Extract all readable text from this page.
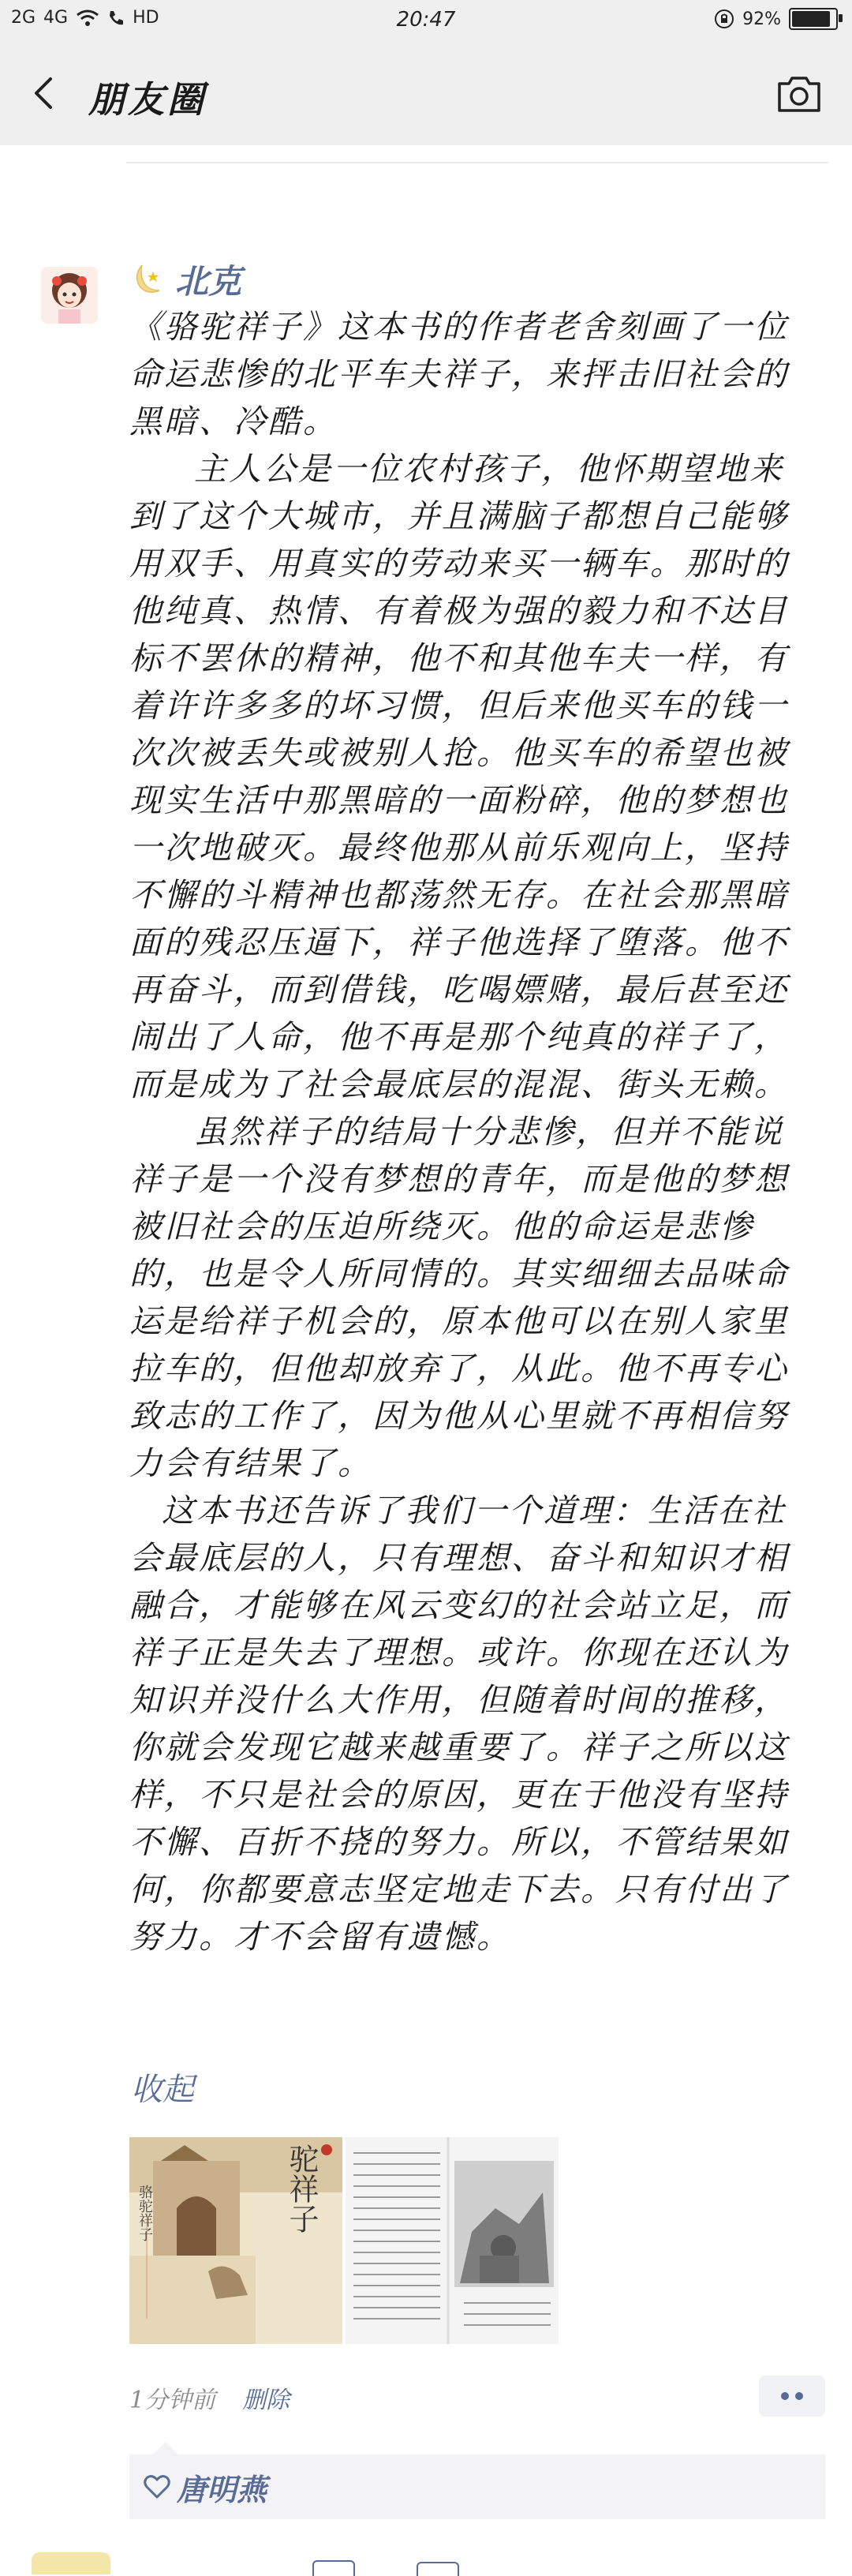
2G 4G	HD	20:47	92%
朋友圈
北克

《骆驼祥子》这本书的作者老舍刻画了一位命运悲惨的北平车夫祥子，来抨击旧社会的黑暗、冷酷。

主人公是一位农村孩子，他怀期望地来到了这个大城市，并且满脑子都想自己能够用双手、用真实的劳动来买一辆车。那时的他纯真、热情、有着极为强的毅力和不达目标不罢休的精神，他不和其他车夫一样，有着许许多多的坏习惯，但后来他买车的钱一次次被丢失或被别人抢。他买车的希望也被现实生活中那黑暗的一面粉碎，他的梦想也一次地破灭。最终他那从前乐观向上，坚持不懈的斗精神也都荡然无存。在社会那黑暗面的残忍压逼下，祥子他选择了堕落。他不再奋斗，而到借钱，吃喝嫖赌，最后甚至还闹出了人命，他不再是那个纯真的祥子了，而是成为了社会最底层的混混、街头无赖。

虽然祥子的结局十分悲惨，但并不能说祥子是一个没有梦想的青年，而是他的梦想被旧社会的压迫所绕灭。他的命运是悲惨的，也是令人所同情的。其实细细去品味命运是给祥子机会的，原本他可以在别人家里拉车的，但他却放弃了，从此。他不再专心致志的工作了，因为他从心里就不再相信努力会有结果了。

这本书还告诉了我们一个道理：生活在社会最底层的人，只有理想、奋斗和知识才相融合，才能够在风云变幻的社会站立足，而祥子正是失去了理想。或许。你现在还认为知识并没什么大作用，但随着时间的推移，你就会发现它越来越重要了。祥子之所以这样，不只是社会的原因，更在于他没有坚持不懈、百折不挠的努力。所以，不管结果如何，你都要意志坚定地走下去。只有付出了努力。才不会留有遗憾。

收起
驼祥子
骆驼祥子
1分钟前 删除
唐明燕
